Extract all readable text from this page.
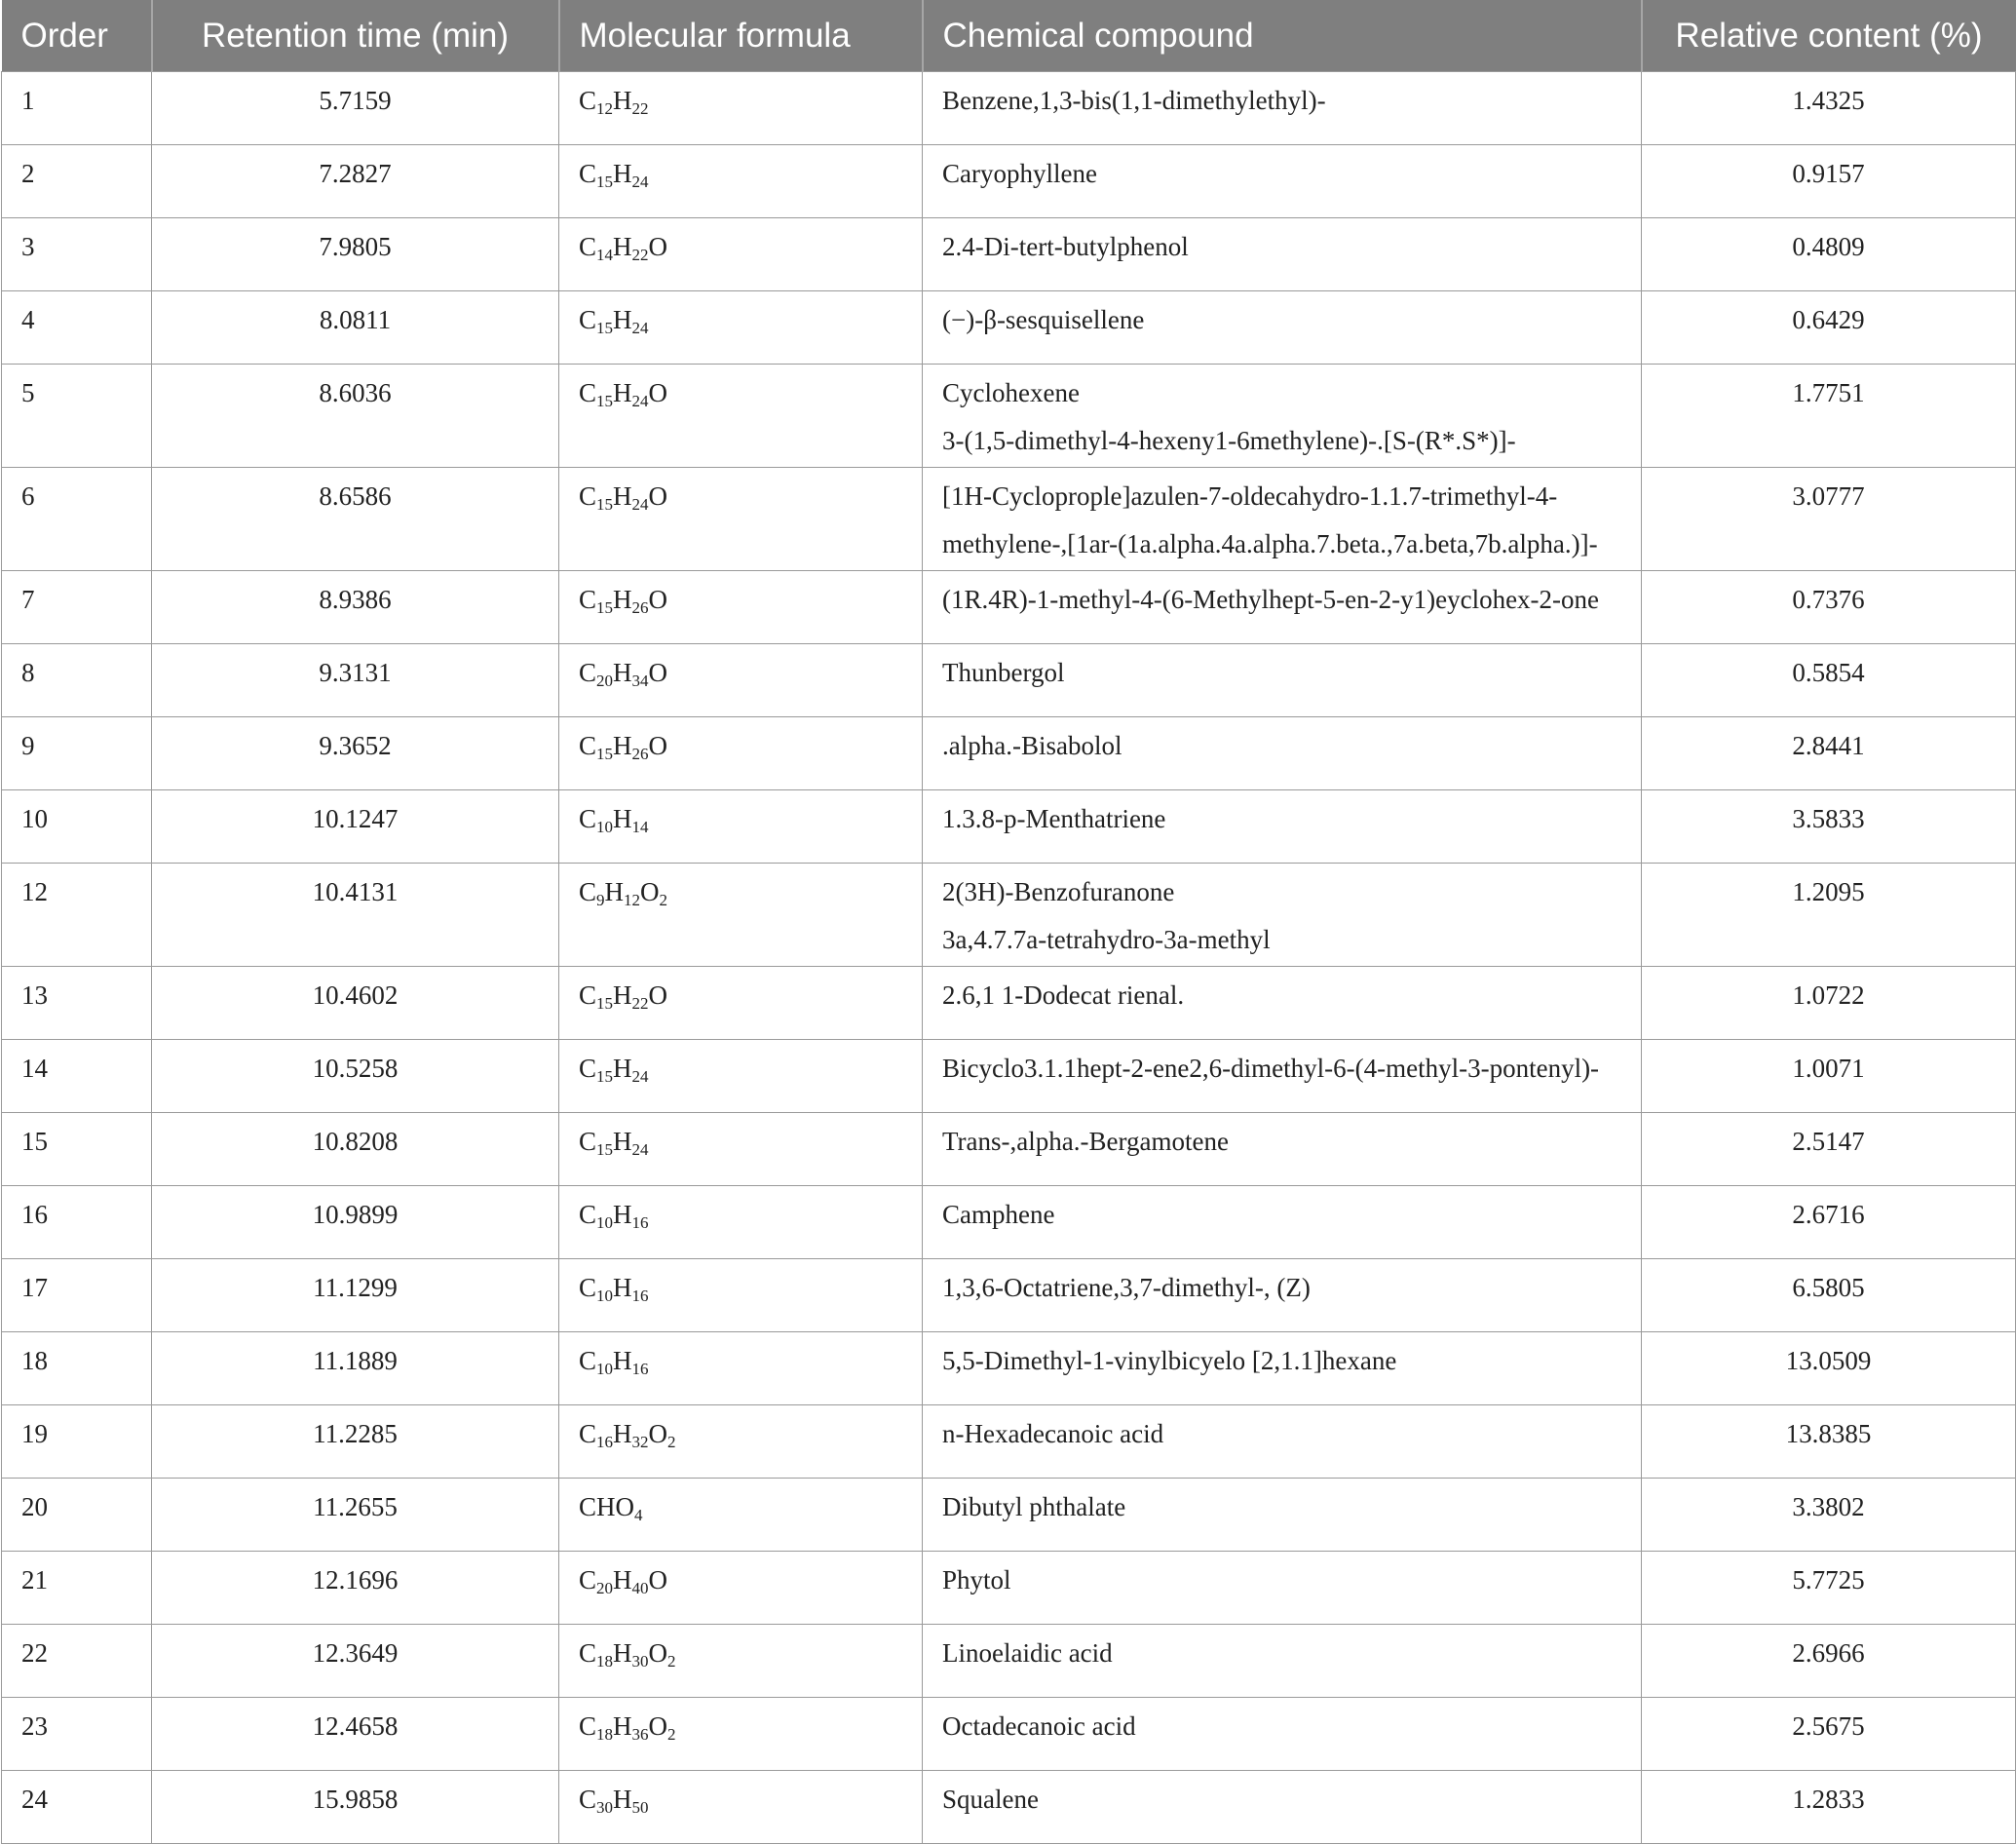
Order	Retention time (min)	Molecular formula	Chemical compound	Relative content (%)
1	5.7159	$C_{12}H_{22}$	Benzene,1,3-bis(1,1-dimethylethyl)-	1.4325
2	7.2827	$C_{15}H_{24}$	Caryophyllene	0.9157
3	7.9805	$C_{14}H_{22}O$	2.4-Di-tert-butylphenol	0.4809
4	8.0811	$C_{15}H_{24}$	(−)-β-sesquisellene	0.6429
5	8.6036	$C_{15}H_{24}O$	Cyclohexene
3-(1,5-dimethyl-4-hexeny1-6methylene)-.[S-(R*.S*)]-	1.7751
6	8.6586	$C_{15}H_{24}O$	[1H-Cycloprople]azulen-7-oldecahydro-1.1.7-trimethyl-4-
methylene-,[1ar-(1a.alpha.4a.alpha.7.beta.,7a.beta,7b.alpha.)]-	3.0777
7	8.9386	$C_{15}H_{26}O$	(1R.4R)-1-methyl-4-(6-Methylhept-5-en-2-y1)eyclohex-2-one	0.7376
8	9.3131	$C_{20}H_{34}O$	Thunbergol	0.5854
9	9.3652	$C_{15}H_{26}O$	.alpha.-Bisabolol	2.8441
10	10.1247	$C_{10}H_{14}$	1.3.8-p-Menthatriene	3.5833
12	10.4131	$C_9H_{12}O_2$	2(3H)-Benzofuranone
3a,4.7.7a-tetrahydro-3a-methyl	1.2095
13	10.4602	$C_{15}H_{22}O$	2.6,1 1-Dodecat rienal.	1.0722
14	10.5258	$C_{15}H_{24}$	Bicyclo3.1.1hept-2-ene2,6-dimethyl-6-(4-methyl-3-pontenyl)-	1.0071
15	10.8208	$C_{15}H_{24}$	Trans-,alpha.-Bergamotene	2.5147
16	10.9899	$C_{10}H_{16}$	Camphene	2.6716
17	11.1299	$C_{10}H_{16}$	1,3,6-Octatriene,3,7-dimethyl-, (Z)	6.5805
18	11.1889	$C_{10}H_{16}$	5,5-Dimethyl-1-vinylbicyelo [2,1.1]hexane	13.0509
19	11.2285	$C_{16}H_{32}O_2$	n-Hexadecanoic acid	13.8385
20	11.2655	$CHO_4$	Dibutyl phthalate	3.3802
21	12.1696	$C_{20}H_{40}O$	Phytol	5.7725
22	12.3649	$C_{18}H_{30}O_2$	Linoelaidic acid	2.6966
23	12.4658	$C_{18}H_{36}O_2$	Octadecanoic acid	2.5675
24	15.9858	$C_{30}H_{50}$	Squalene	1.2833
